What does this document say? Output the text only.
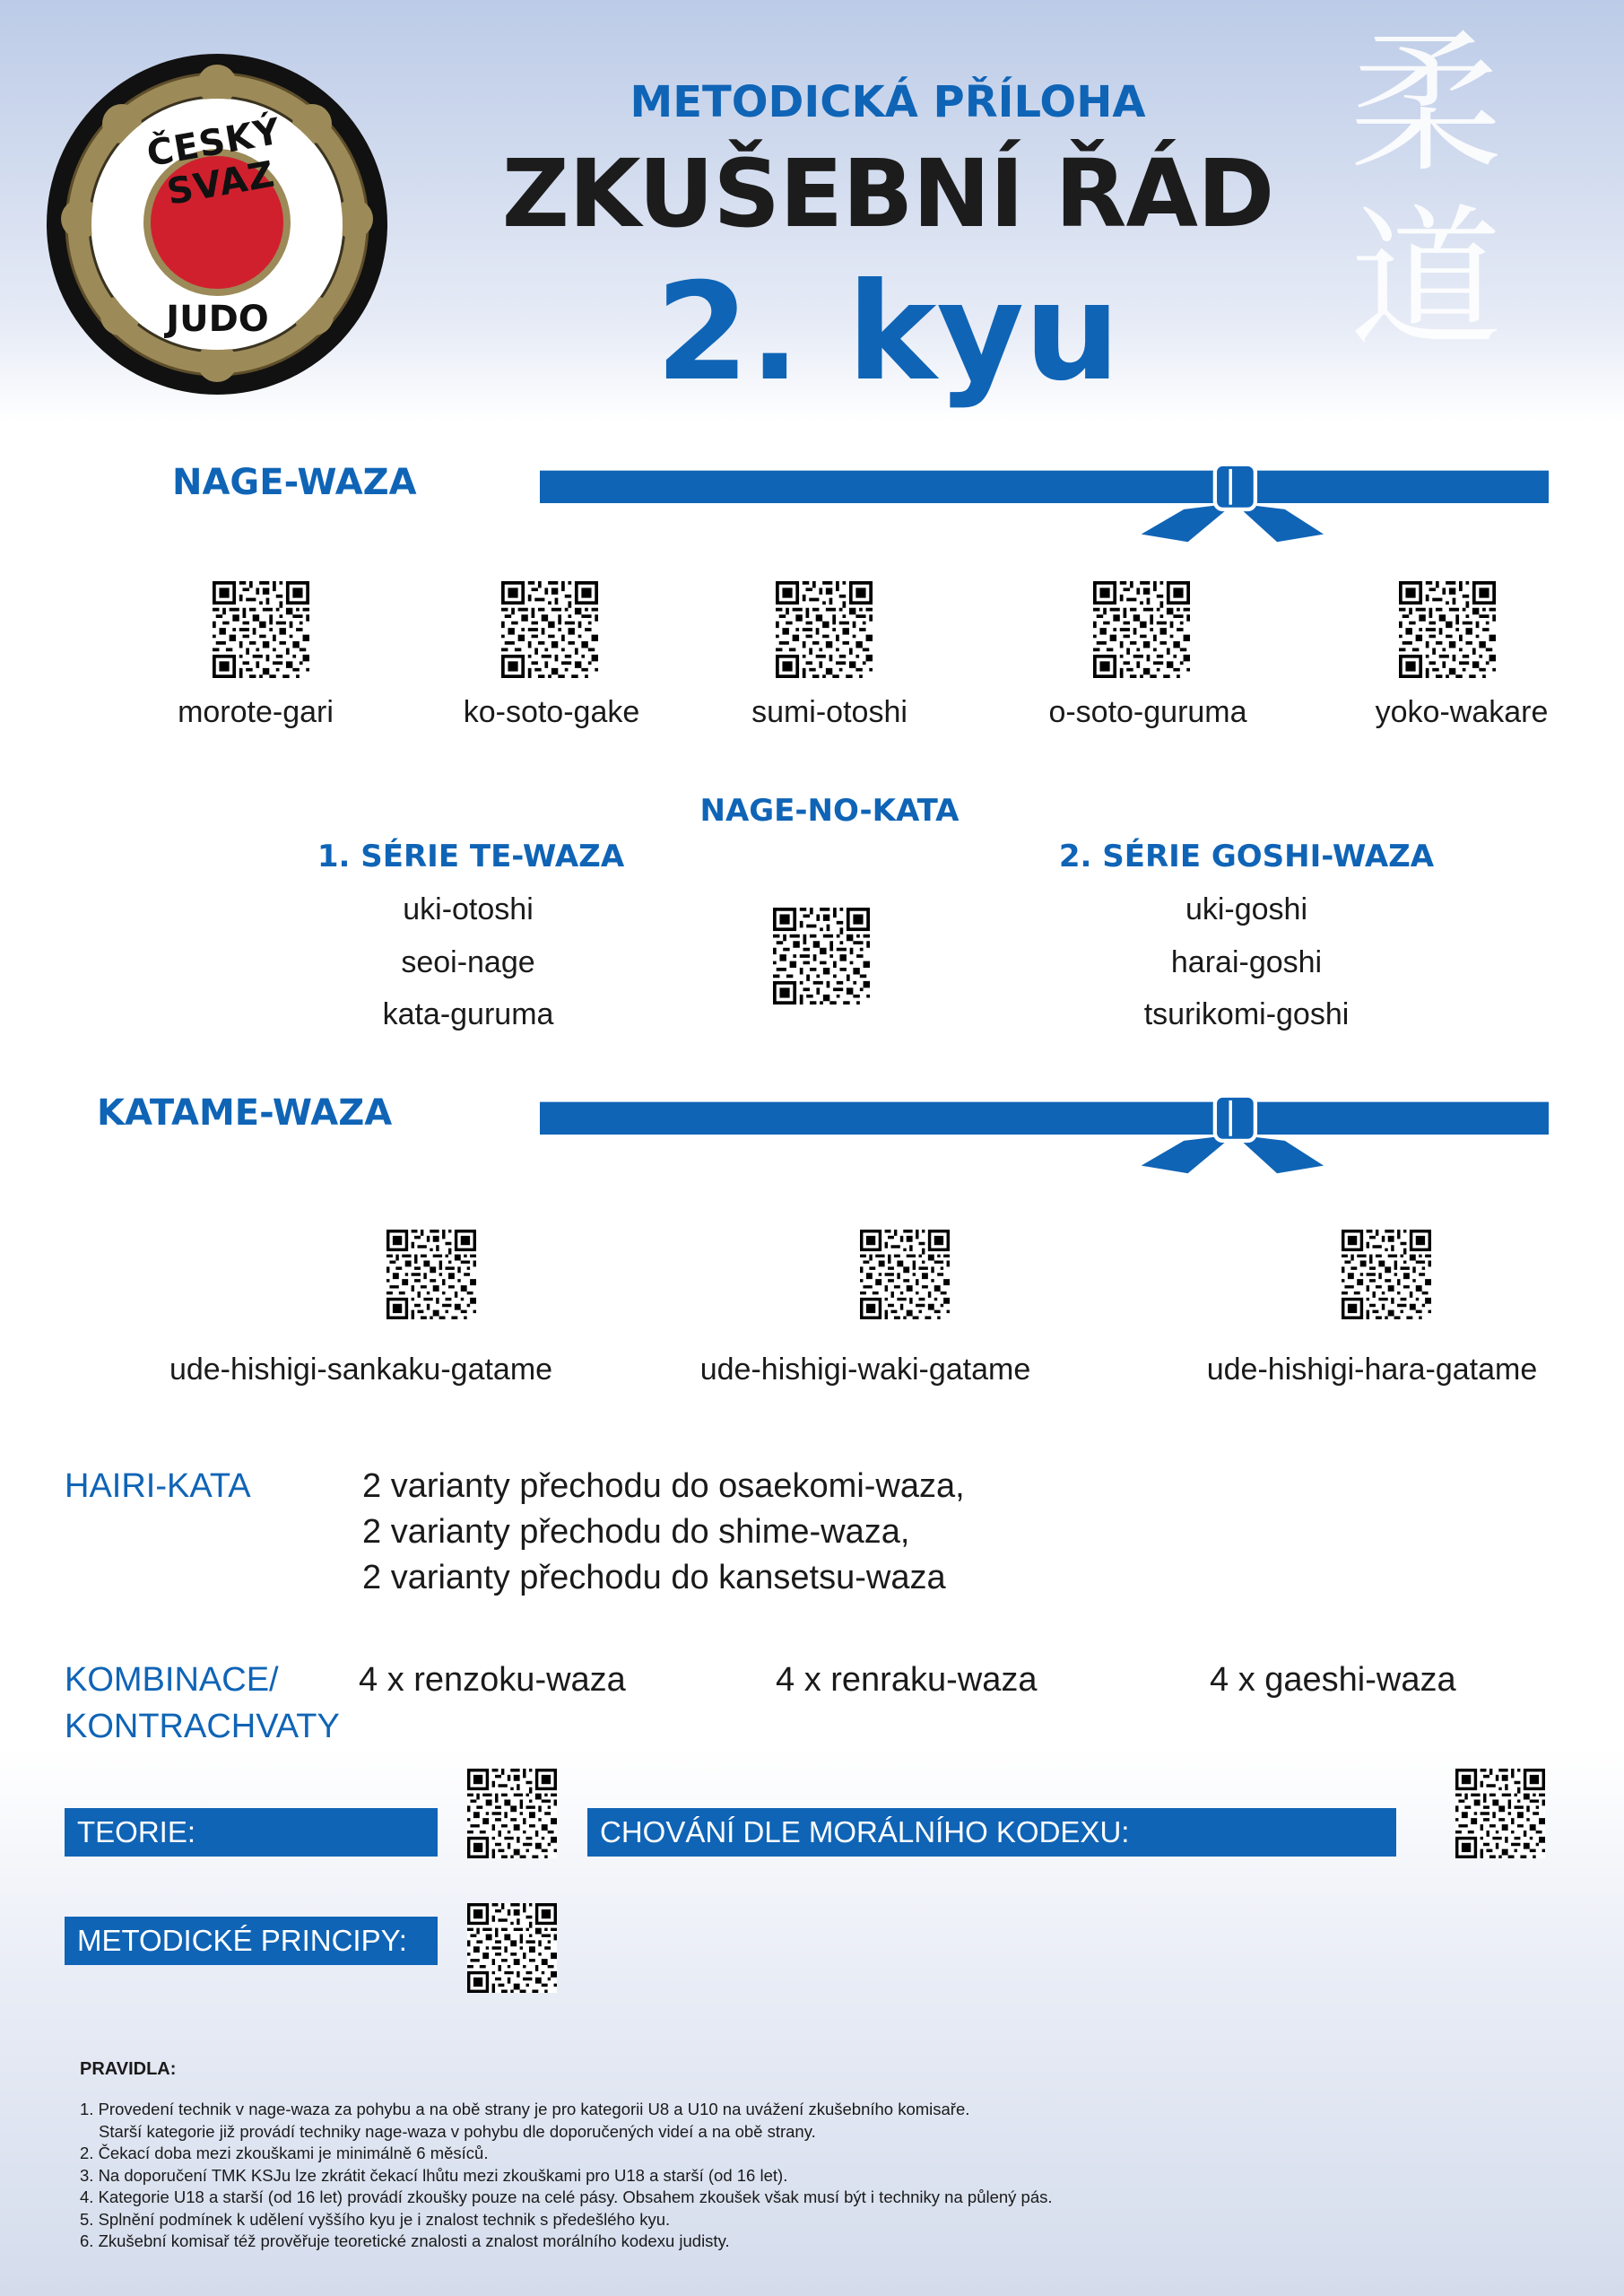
ČESKÝ SVAZ
JUDO
METODICKÁ PŘÍLOHA
ZKUŠEBNÍ ŘÁD
2. kyu
柔道
NAGE-WAZA
morote-gari	ko-soto-gake	sumi-otoshi	o-soto-guruma	yoko-wakare
NAGE-NO-KATA
1. SÉRIE TE-WAZA	2. SÉRIE GOSHI-WAZA
uki-otoshi
seoi-nage
kata-guruma
uki-goshi
harai-goshi
tsurikomi-goshi
KATAME-WAZA
ude-hishigi-sankaku-gatame	ude-hishigi-waki-gatame	ude-hishigi-hara-gatame
HAIRI-KATA	2 varianty přechodu do osaekomi-waza,
2 varianty přechodu do shime-waza,
2 varianty přechodu do kansetsu-waza
KOMBINACE/
KONTRACHVATY
4 x renzoku-waza	4 x renraku-waza	4 x gaeshi-waza
TEORIE:	CHOVÁNÍ DLE MORÁLNÍHO KODEXU:
METODICKÉ PRINCIPY:
PRAVIDLA:
1. Provedení technik v nage-waza za pohybu a na obě strany je pro kategorii U8 a U10 na uvážení zkušebního komisaře.
Starší kategorie již provádí techniky nage-waza v pohybu dle doporučených videí a na obě strany.
2. Čekací doba mezi zkouškami je minimálně 6 měsíců.
3. Na doporučení TMK KSJu lze zkrátit čekací lhůtu mezi zkouškami pro U18 a starší (od 16 let).
4. Kategorie U18 a starší (od 16 let) provádí zkoušky pouze na celé pásy. Obsahem zkoušek však musí být i techniky na půlený pás.
5. Splnění podmínek k udělení vyššího kyu je i znalost technik s předešlého kyu.
6. Zkušební komisař též prověřuje teoretické znalosti a znalost morálního kodexu judisty.
